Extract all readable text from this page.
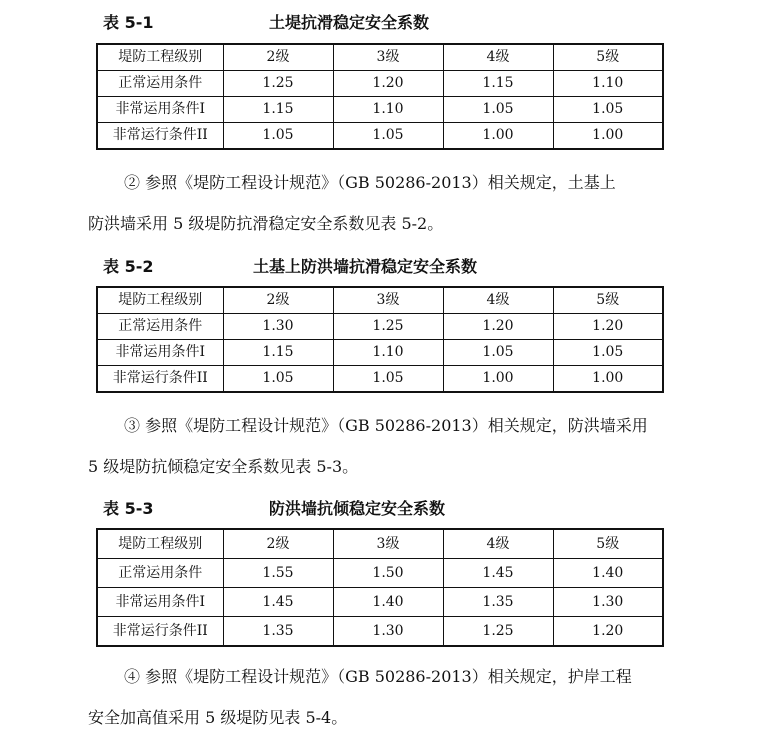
表 5-1	土堤抗滑稳定安全系数
堤防工程级别	2级	3级	4级	5级
正常运用条件	1.25	1.20	1.15	1.10
非常运用条件I	1.15	1.10	1.05	1.05
非常运行条件II	1.05	1.05	1.00	1.00
② 参照《堤防工程设计规范》（GB 50286-2013）相关规定，土基上
防洪墙采用 5 级堤防抗滑稳定安全系数见表 5-2。
表 5-2	土基上防洪墙抗滑稳定安全系数
堤防工程级别	2级	3级	4级	5级
正常运用条件	1.30	1.25	1.20	1.20
非常运用条件I	1.15	1.10	1.05	1.05
非常运行条件II	1.05	1.05	1.00	1.00
③ 参照《堤防工程设计规范》（GB 50286-2013）相关规定，防洪墙采用
5 级堤防抗倾稳定安全系数见表 5-3。
表 5-3	防洪墙抗倾稳定安全系数
堤防工程级别	2级	3级	4级	5级
正常运用条件	1.55	1.50	1.45	1.40
非常运用条件I	1.45	1.40	1.35	1.30
非常运行条件II	1.35	1.30	1.25	1.20
④ 参照《堤防工程设计规范》（GB 50286-2013）相关规定，护岸工程
安全加高值采用 5 级堤防见表 5-4。
